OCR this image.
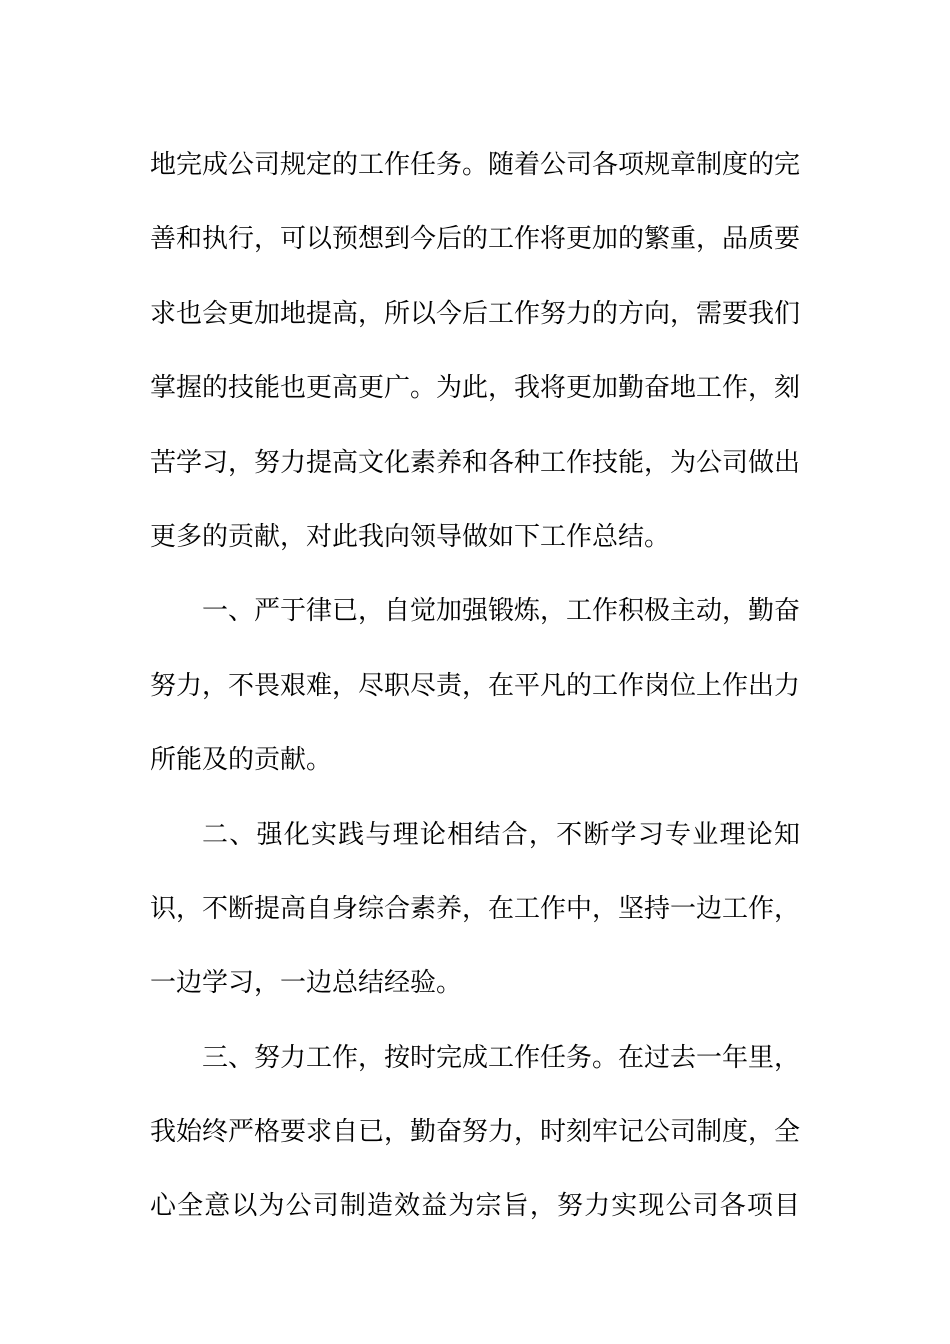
地完成公司规定的工作任务。随着公司各项规章制度的完
善和执行，可以预想到今后的工作将更加的繁重，品质要
求也会更加地提高，所以今后工作努力的方向，需要我们
掌握的技能也更高更广。为此，我将更加勤奋地工作，刻
苦学习，努力提高文化素养和各种工作技能，为公司做出
更多的贡献，对此我向领导做如下工作总结。
一、严于律已，自觉加强锻炼，工作积极主动，勤奋
努力，不畏艰难，尽职尽责，在平凡的工作岗位上作出力
所能及的贡献。
二、强化实践与理论相结合，不断学习专业理论知
识，不断提高自身综合素养，在工作中，坚持一边工作，
一边学习，一边总结经验。
三、努力工作，按时完成工作任务。在过去一年里，
我始终严格要求自已，勤奋努力，时刻牢记公司制度，全
心全意以为公司制造效益为宗旨，努力实现公司各项目
